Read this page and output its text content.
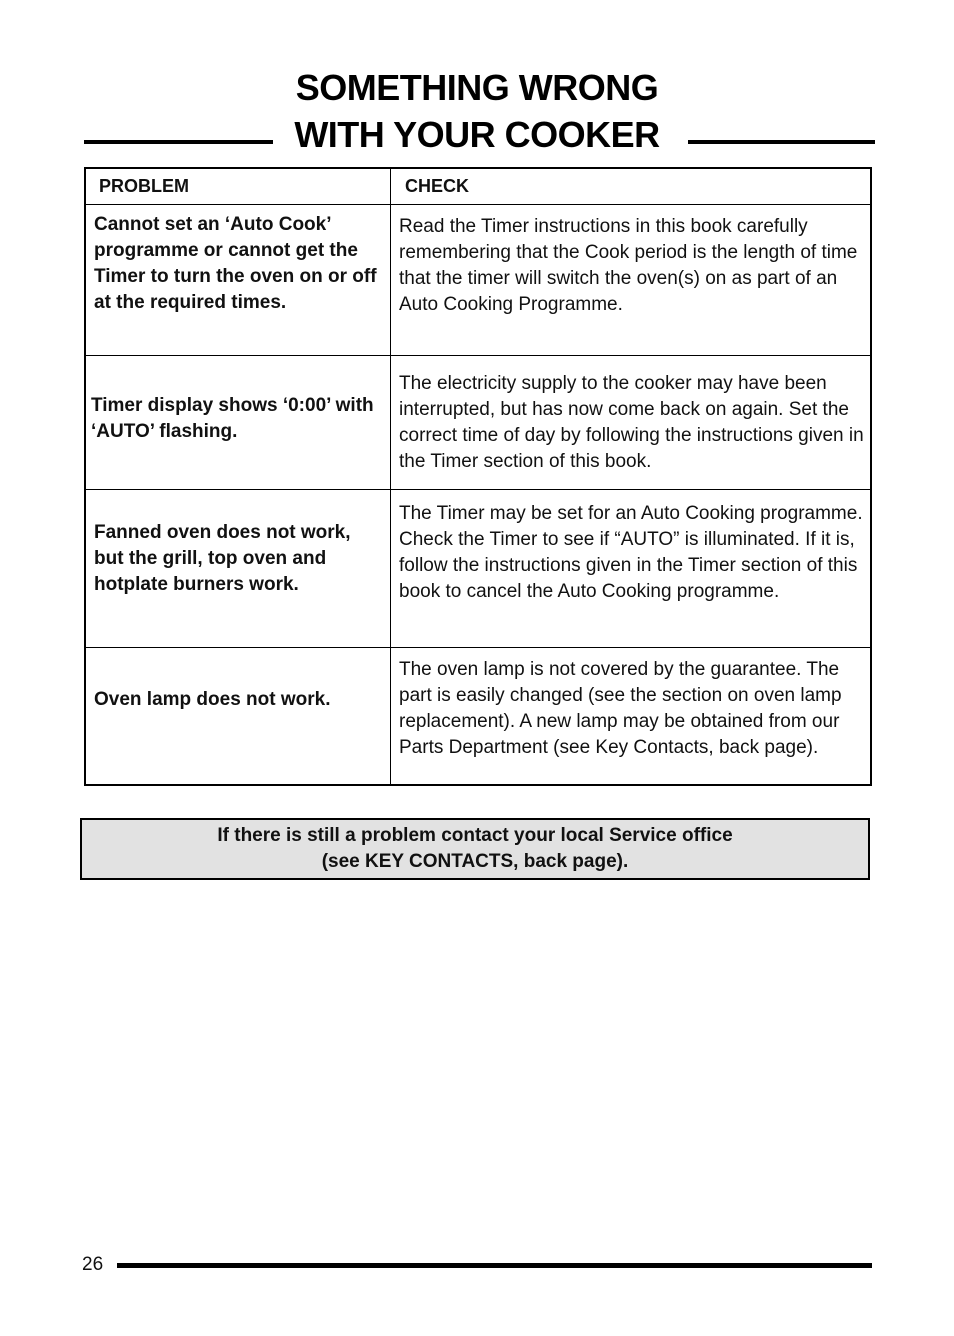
SOMETHING WRONG
WITH YOUR COOKER
PROBLEM	CHECK

Cannot set an ‘Auto Cook’ programme or cannot get the Timer to turn the oven on or off at the required times.	Read the Timer instructions in this book carefully remembering that the Cook period is the length of time that the timer will switch the oven(s) on as part of an Auto Cooking Programme.

Timer display shows ‘0:00’ with ‘AUTO’ flashing.	The electricity supply to the cooker may have been interrupted, but has now come back on again. Set the correct time of day by following the instructions given in the Timer section of this book.

Fanned oven does not work, but the grill, top oven and hotplate burners work.	The Timer may be set for an Auto Cooking programme. Check the Timer to see if “AUTO” is illuminated. If it is, follow the instructions given in the Timer section of this book to cancel the Auto Cooking programme.

Oven lamp does not work.	The oven lamp is not covered by the guarantee. The part is easily changed (see the section on oven lamp replacement). A new lamp may be obtained from our Parts Department (see Key Contacts, back page).
If there is still a problem contact your local Service office
(see KEY CONTACTS, back page).
26
